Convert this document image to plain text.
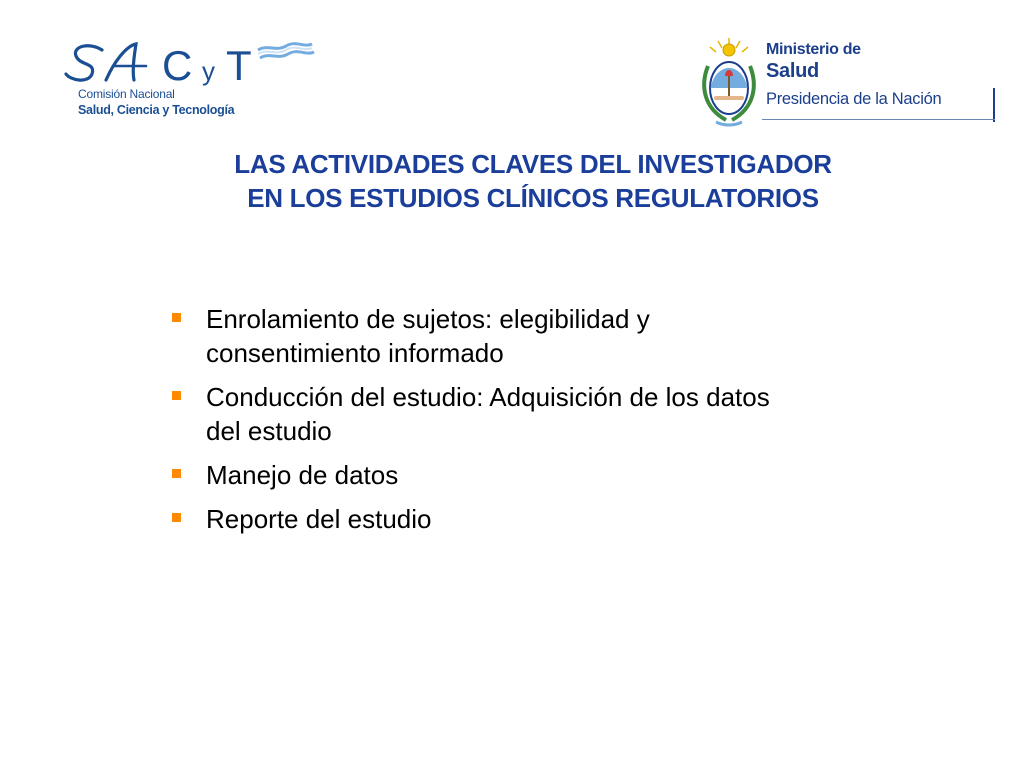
C y T
Comisión Nacional
Salud, Ciencia y Tecnología
Ministerio de
Salud
Presidencia de la Nación
LAS ACTIVIDADES CLAVES DEL INVESTIGADOR
EN LOS ESTUDIOS CLÍNICOS REGULATORIOS
Enrolamiento de sujetos: elegibilidad y
consentimiento informado
Conducción del estudio: Adquisición de los datos
del estudio
Manejo de datos
Reporte del estudio
